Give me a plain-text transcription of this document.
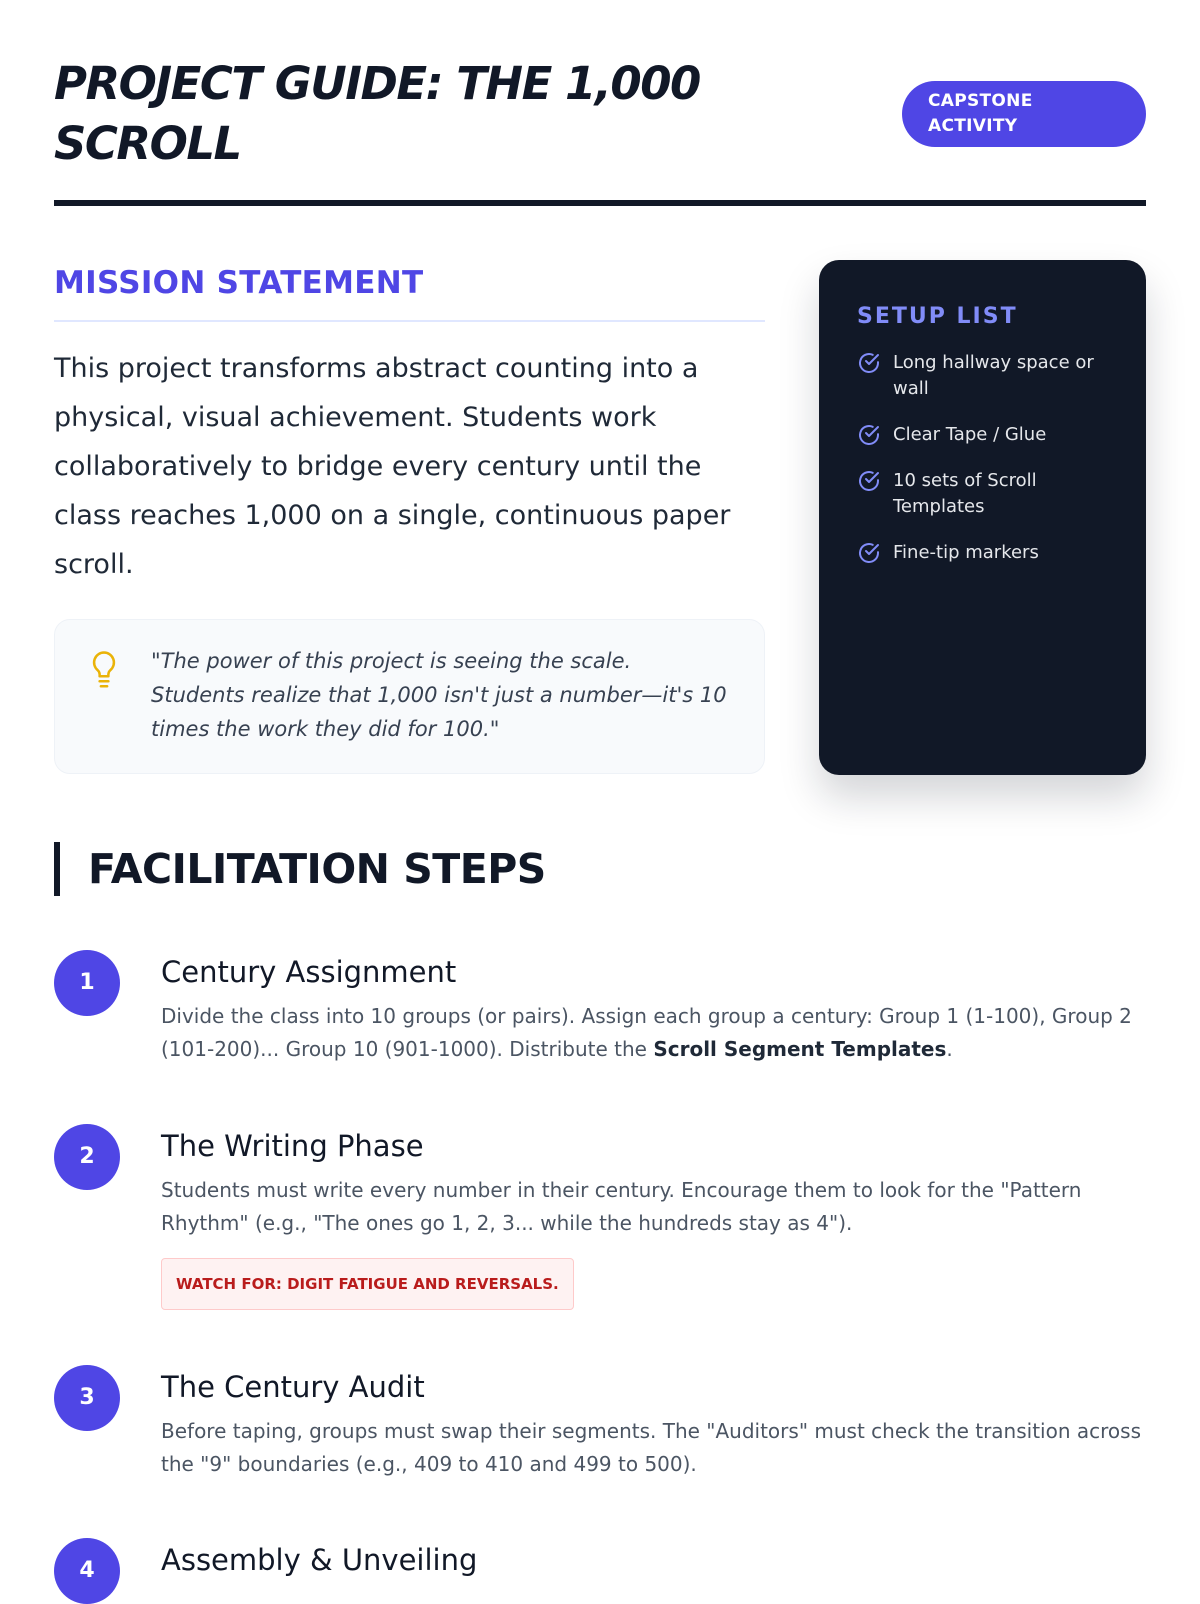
PROJECT GUIDE: THE 1,000 SCROLL
CAPSTONE ACTIVITY
MISSION STATEMENT

This project transforms abstract counting into a physical, visual achievement. Students work collaboratively to bridge every century until the class reaches 1,000 on a single, continuous paper scroll.

"The power of this project is seeing the scale. Students realize that 1,000 isn't just a number—it's 10 times the work they did for 100."

SETUP LIST
Long hallway space or wall
Clear Tape / Glue
10 sets of Scroll Templates
Fine-tip markers
FACILITATION STEPS
1	Century Assignment

Divide the class into 10 groups (or pairs). Assign each group a century: Group 1 (1-100), Group 2 (101-200)... Group 10 (901-1000). Distribute the Scroll Segment Templates.

2	The Writing Phase

Students must write every number in their century. Encourage them to look for the "Pattern Rhythm" (e.g., "The ones go 1, 2, 3... while the hundreds stay as 4").

WATCH FOR: DIGIT FATIGUE AND REVERSALS.
3	The Century Audit

Before taping, groups must swap their segments. The "Auditors" must check the transition across the "9" boundaries (e.g., 409 to 410 and 499 to 500).

4	Assembly & Unveiling
